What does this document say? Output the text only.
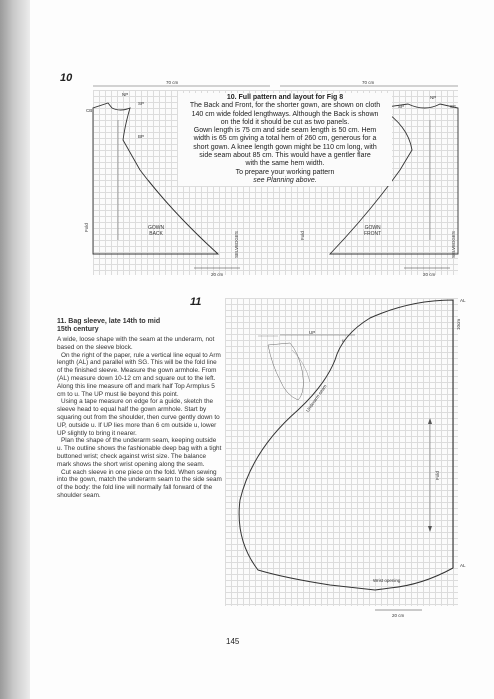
10	70 cm	70 cm
NP
SP
CB
BP
GOWN
BACK
Fold
SELVEDGES
20 cm
NP
SP	CF
GOWN
FRONT
Fold	SELVEDGES
20 cm
10. Full pattern and layout for Fig 8
The Back and Front, for the shorter gown, are shown on cloth
140 cm wide folded lengthways. Although the Back is shown
on the fold it should be cut as two panels.
Gown length is 75 cm and side seam length is 50 cm. Hem
width is 65 cm giving a total hem of 260 cm, generous for a
short gown. A knee length gown might be 110 cm long, with
side seam about 85 cm. This would have a gentler flare
with the same hem width.
To prepare your working pattern
see Planning above.
11	AL
AL
UP
u
Underarm seam
Wrist opening
Fold
10cm
20 cm
11. Bag sleeve, late 14th to mid
15th century

A wide, loose shape with the seam at the underarm, not based on the sleeve block.

On the right of the paper, rule a vertical line equal to Arm length (AL) and parallel with SG. This will be the fold line of the finished sleeve. Measure the gown armhole. From (AL) measure down 10-12 cm and square out to the left. Along this line measure off and mark half Top Armplus 5 cm to u. The UP must lie beyond this point.

Using a tape measure on edge for a guide, sketch the sleeve head to equal half the gown armhole. Start by squaring out from the shoulder, then curve gently down to UP, outside u. If UP lies more than 6 cm outside u, lower UP slightly to bring it nearer.

Plan the shape of the underarm seam, keeping outside u. The outline shows the fashionable deep bag with a tight buttoned wrist; check against wrist size. The balance mark shows the short wrist opening along the seam.

Cut each sleeve in one piece on the fold. When sewing into the gown, match the underarm seam to the side seam of the body: the fold line will normally fall forward of the shoulder seam.

145
